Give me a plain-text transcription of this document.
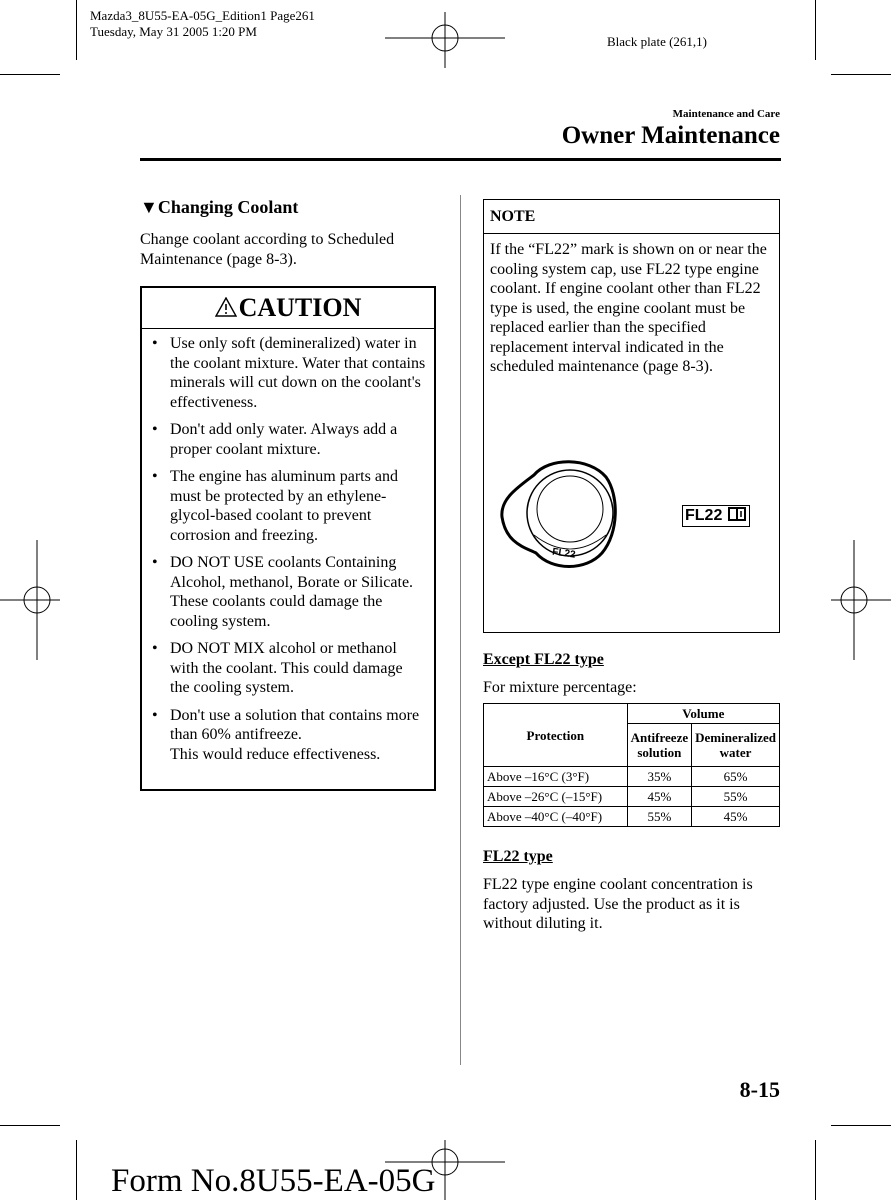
Mazda3_8U55-EA-05G_Edition1 Page261
Tuesday, May 31 2005 1:20 PM
Black plate (261,1)
Maintenance and Care
Owner Maintenance
▼Changing Coolant
Change coolant according to Scheduled Maintenance (page 8-3).
CAUTION
• Use only soft (demineralized) water in the coolant mixture. Water that contains minerals will cut down on the coolant's effectiveness.
• Don't add only water. Always add a proper coolant mixture.
• The engine has aluminum parts and must be protected by an ethylene-glycol-based coolant to prevent corrosion and freezing.
• DO NOT USE coolants Containing Alcohol, methanol, Borate or Silicate.
These coolants could damage the cooling system.
• DO NOT MIX alcohol or methanol with the coolant. This could damage the cooling system.
• Don't use a solution that contains more than 60% antifreeze.
This would reduce effectiveness.
NOTE
If the “FL22” mark is shown on or near the cooling system cap, use FL22 type engine coolant. If engine coolant other than FL22 type is used, the engine coolant must be replaced earlier than the specified replacement interval indicated in the scheduled maintenance (page 8-3).
FL22
FL22
Except FL22 type
For mixture percentage:
Protection	Volume	
	Antifreeze solution	Demineralized water
Above –16°C (3°F)	35%	65%
Above –26°C (–15°F)	45%	55%
Above –40°C (–40°F)	55%	45%
FL22 type
FL22 type engine coolant concentration is factory adjusted. Use the product as it is without diluting it.
8-15
Form No.8U55-EA-05G
